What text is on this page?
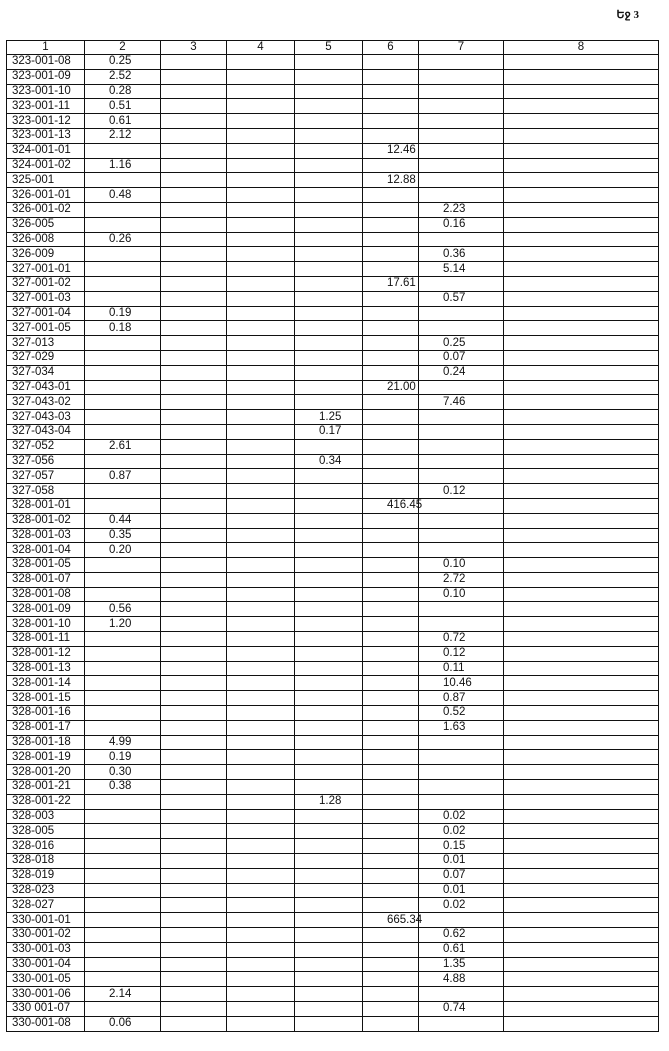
Եջ 3
1	2	3	4	5	6	7	8
323-001-08	0.25						
323-001-09	2.52						
323-001-10	0.28						
323-001-11	0.51						
323-001-12	0.61						
323-001-13	2.12						
324-001-01					12.46		
324-001-02	1.16						
325-001					12.88		
326-001-01	0.48						
326-001-02						2.23	
326-005						0.16	
326-008	0.26						
326-009						0.36	
327-001-01						5.14	
327-001-02					17.61		
327-001-03						0.57	
327-001-04	0.19						
327-001-05	0.18						
327-013						0.25	
327-029						0.07	
327-034						0.24	
327-043-01					21.00		
327-043-02						7.46	
327-043-03				1.25			
327-043-04				0.17			
327-052	2.61						
327-056				0.34			
327-057	0.87						
327-058						0.12	
328-001-01					416.45		
328-001-02	0.44						
328-001-03	0.35						
328-001-04	0.20						
328-001-05						0.10	
328-001-07						2.72	
328-001-08						0.10	
328-001-09	0.56						
328-001-10	1.20						
328-001-11						0.72	
328-001-12						0.12	
328-001-13						0.11	
328-001-14						10.46	
328-001-15						0.87	
328-001-16						0.52	
328-001-17						1.63	
328-001-18	4.99						
328-001-19	0.19						
328-001-20	0.30						
328-001-21	0.38						
328-001-22				1.28			
328-003						0.02	
328-005						0.02	
328-016						0.15	
328-018						0.01	
328-019						0.07	
328-023						0.01	
328-027						0.02	
330-001-01					665.34		
330-001-02						0.62	
330-001-03						0.61	
330-001-04						1.35	
330-001-05						4.88	
330-001-06	2.14						
330 001-07						0.74	
330-001-08	0.06						
